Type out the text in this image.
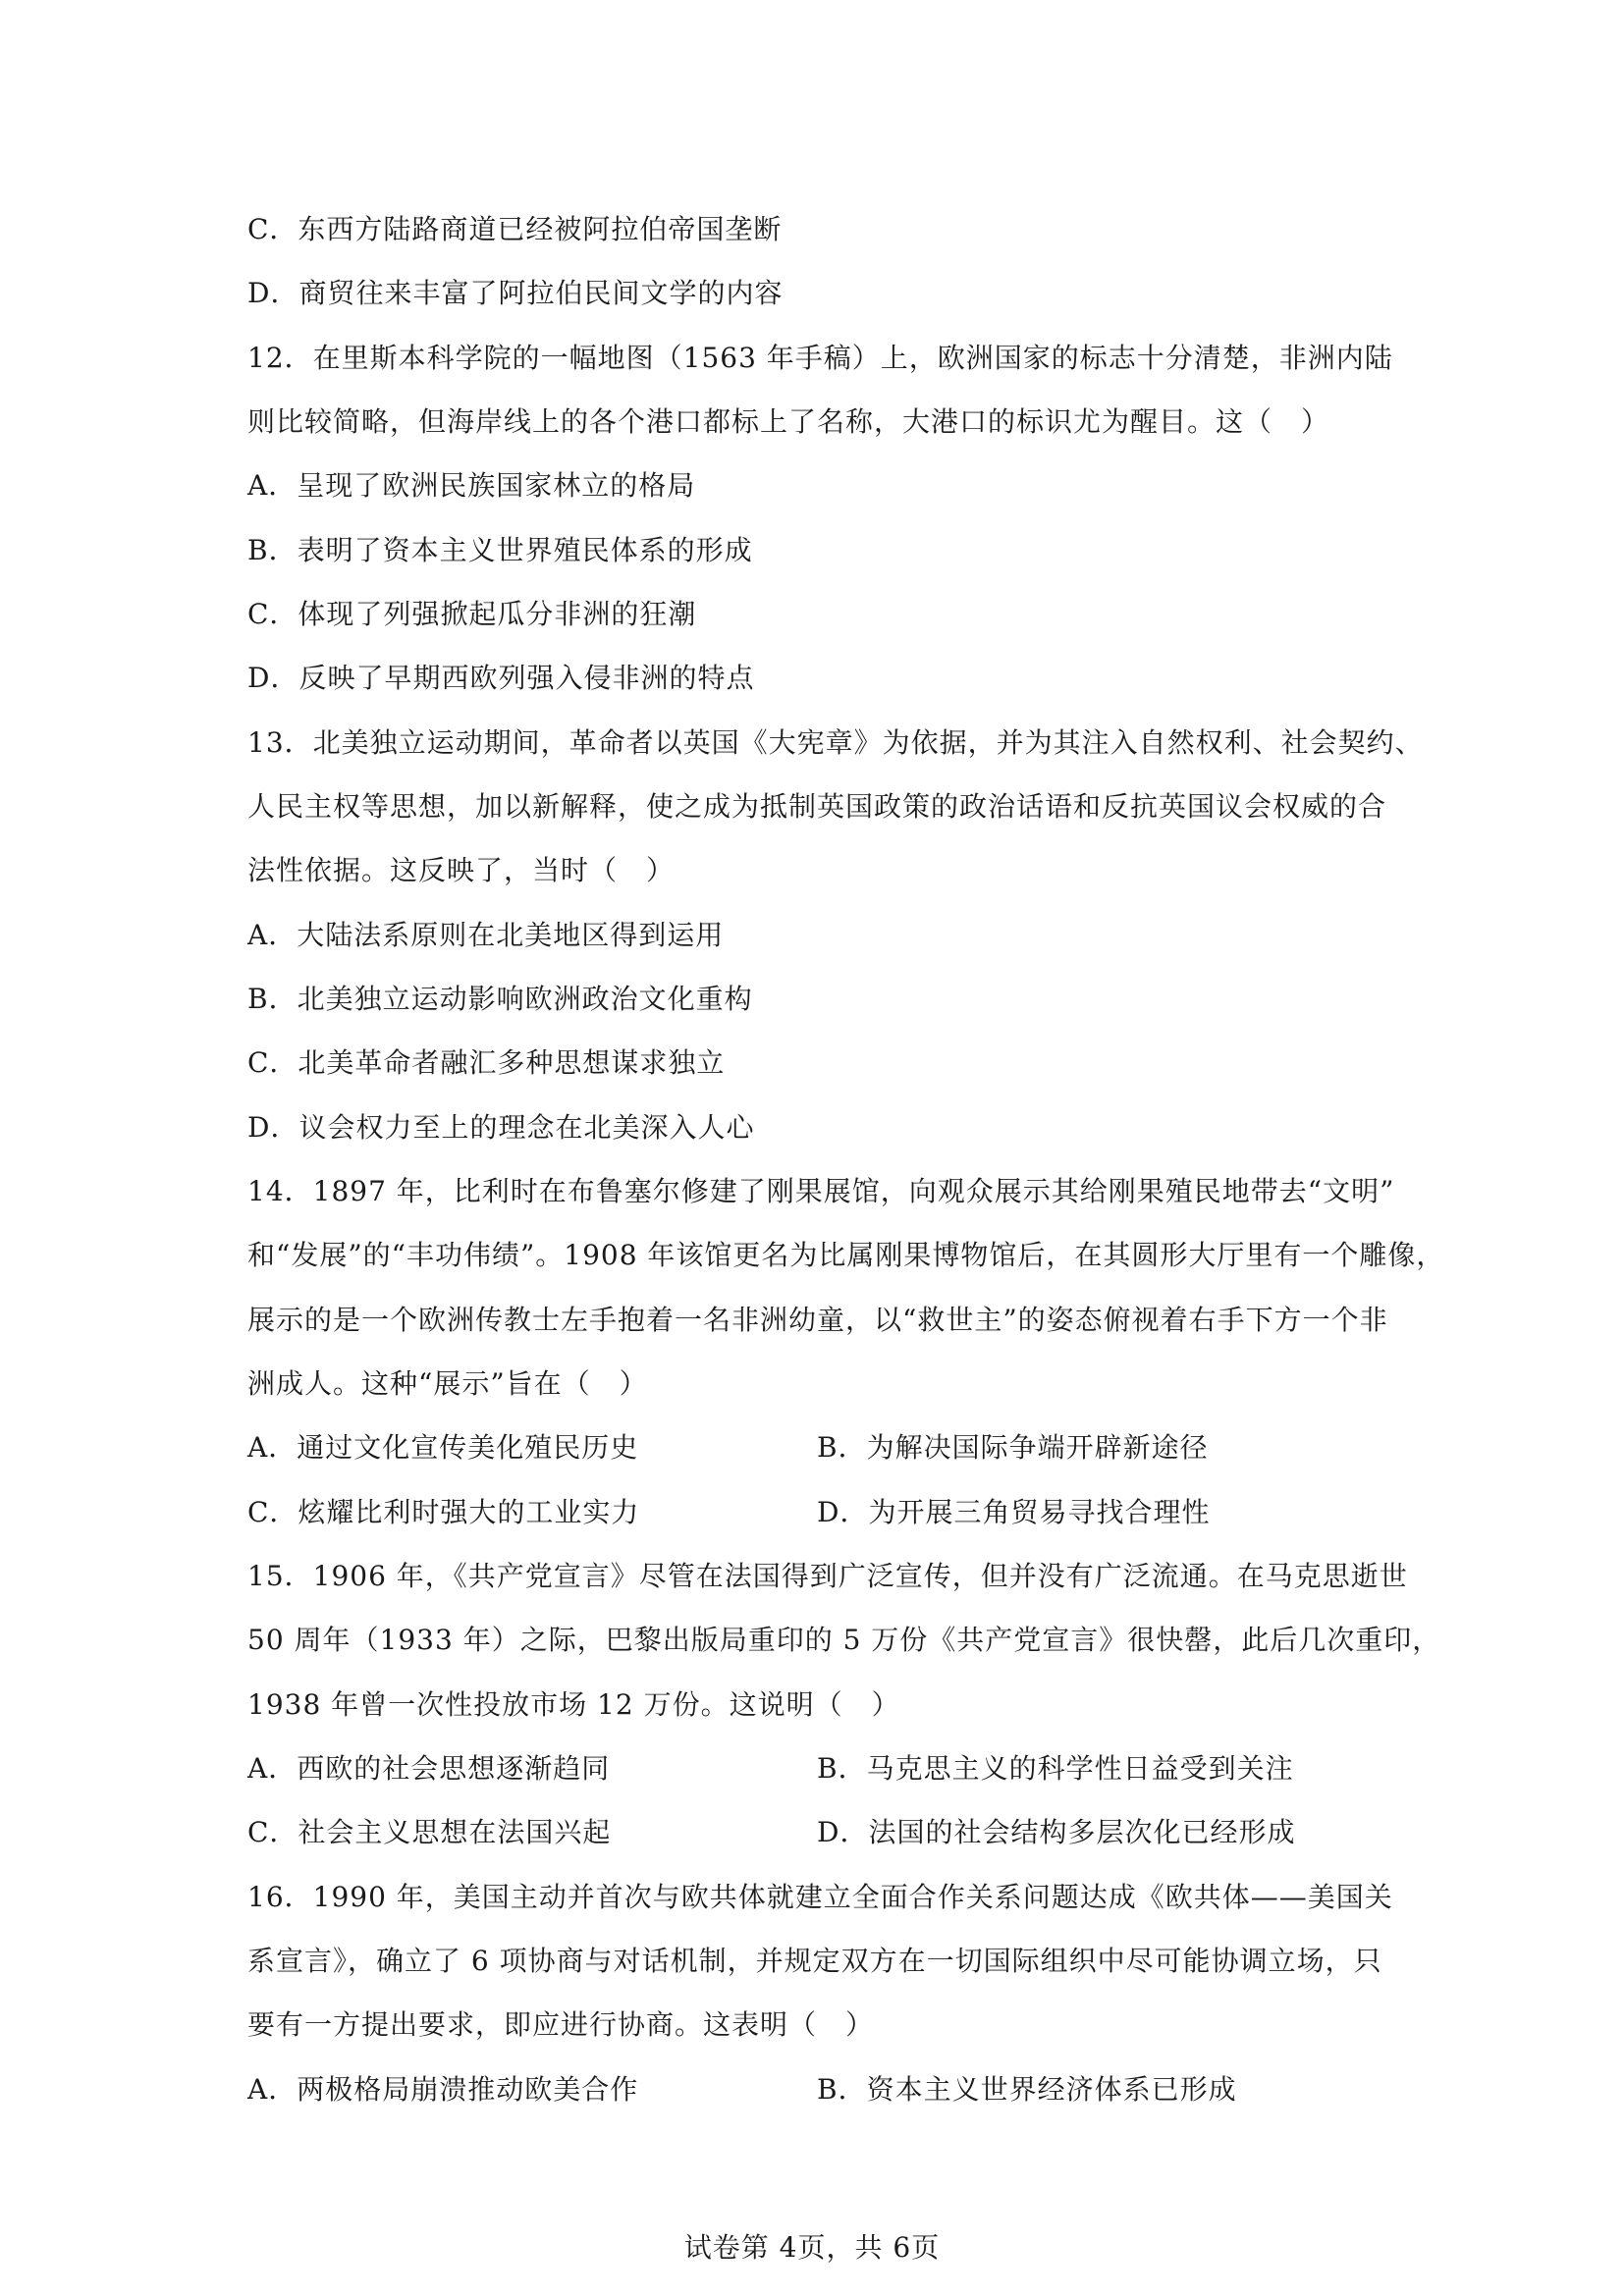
C．东西方陆路商道已经被阿拉伯帝国垄断
D．商贸往来丰富了阿拉伯民间文学的内容
12．在里斯本科学院的一幅地图（1563 年手稿）上，欧洲国家的标志十分清楚，非洲内陆
则比较简略，但海岸线上的各个港口都标上了名称，大港口的标识尤为醒目。这（　）
A．呈现了欧洲民族国家林立的格局
B．表明了资本主义世界殖民体系的形成
C．体现了列强掀起瓜分非洲的狂潮
D．反映了早期西欧列强入侵非洲的特点
13．北美独立运动期间，革命者以英国《大宪章》为依据，并为其注入自然权利、社会契约、
人民主权等思想，加以新解释，使之成为抵制英国政策的政治话语和反抗英国议会权威的合
法性依据。这反映了，当时（　）
A．大陆法系原则在北美地区得到运用
B．北美独立运动影响欧洲政治文化重构
C．北美革命者融汇多种思想谋求独立
D．议会权力至上的理念在北美深入人心
14．1897 年，比利时在布鲁塞尔修建了刚果展馆，向观众展示其给刚果殖民地带去“文明”
和“发展”的“丰功伟绩”。1908 年该馆更名为比属刚果博物馆后，在其圆形大厅里有一个雕像，
展示的是一个欧洲传教士左手抱着一名非洲幼童，以“救世主”的姿态俯视着右手下方一个非
洲成人。这种“展示”旨在（　）
A．通过文化宣传美化殖民历史	B．为解决国际争端开辟新途径
C．炫耀比利时强大的工业实力	D．为开展三角贸易寻找合理性
15．1906 年，《共产党宣言》尽管在法国得到广泛宣传，但并没有广泛流通。在马克思逝世
50 周年（1933 年）之际，巴黎出版局重印的 5 万份《共产党宣言》很快罄，此后几次重印，
1938 年曾一次性投放市场 12 万份。这说明（　）
A．西欧的社会思想逐渐趋同	B．马克思主义的科学性日益受到关注
C．社会主义思想在法国兴起	D．法国的社会结构多层次化已经形成
16．1990 年，美国主动并首次与欧共体就建立全面合作关系问题达成《欧共体——美国关
系宣言》，确立了 6 项协商与对话机制，并规定双方在一切国际组织中尽可能协调立场，只
要有一方提出要求，即应进行协商。这表明（　）
A．两极格局崩溃推动欧美合作	B．资本主义世界经济体系已形成
试卷第 4页，共 6页
